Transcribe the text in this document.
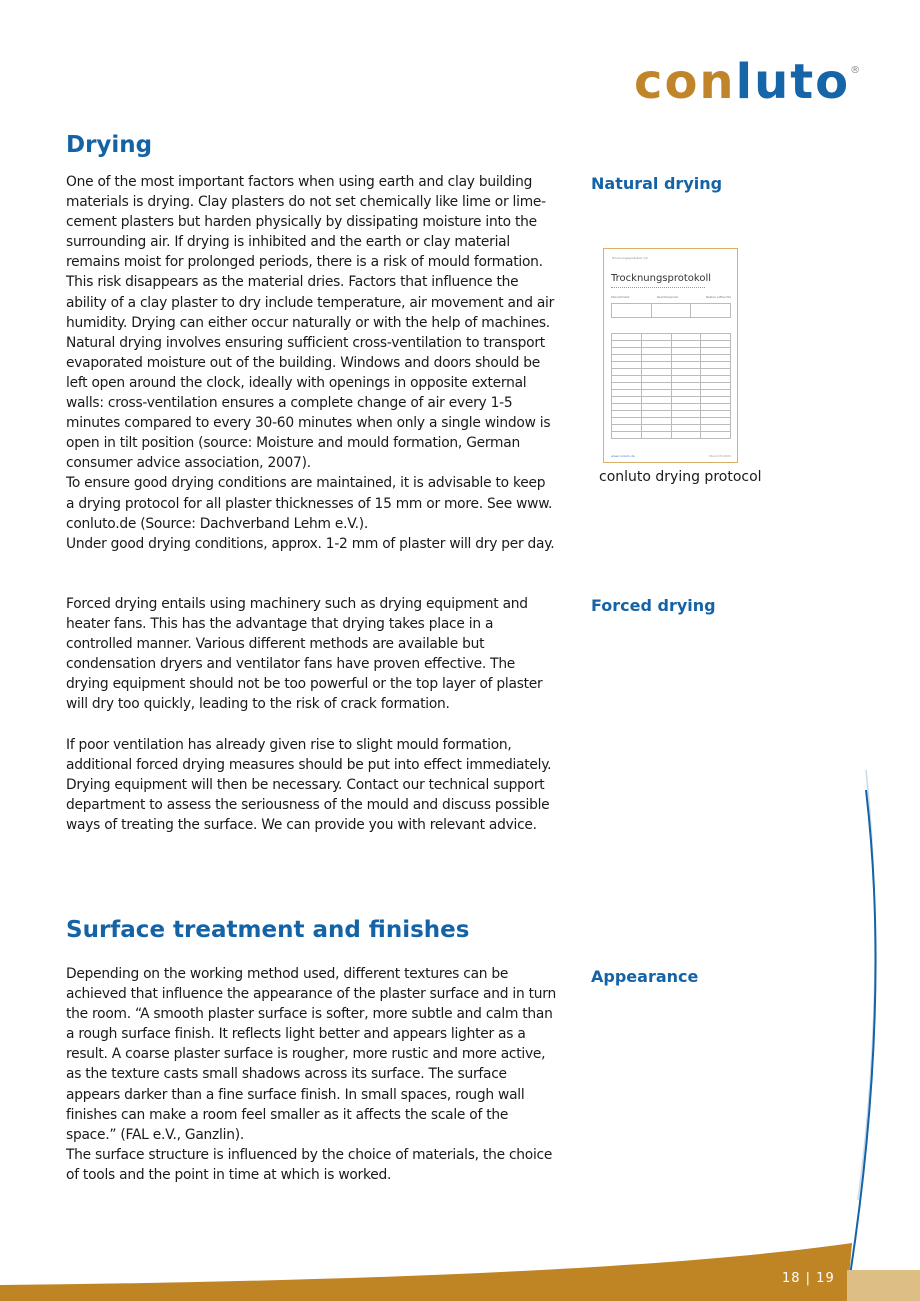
conluto®
Drying
Natural drying
One of the most important factors when using earth and clay building materials is drying. Clay plasters do not set chemically like lime or lime-cement plasters but harden physically by dissipating moisture into the surrounding air. If drying is inhibited and the earth or clay material remains moist for prolonged periods, there is a risk of mould formation. This risk disappears as the material dries. Factors that influence the ability of a clay plaster to dry include temperature, air movement and air humidity. Drying can either occur naturally or with the help of machines. Natural drying involves ensuring sufficient cross-ventilation to transport evaporated moisture out of the building. Windows and doors should be left open around the clock, ideally with openings in opposite external walls: cross-ventilation ensures a complete change of air every 1-5 minutes compared to every 30-60 minutes when only a single window is open in tilt position (source: Moisture and mould formation, German consumer advice association, 2007).
To ensure good drying conditions are maintained, it is advisable to keep a drying protocol for all plaster thicknesses of 15 mm or more. See www. conluto.de (Source: Dachverband Lehm e.V.).
Under good drying conditions, approx. 1-2 mm of plaster will dry per day.
Trocknungsprotokoll 1/2
Trocknungsprotokoll
Datum/Uhrzeit	Raumtemperatur	Relative Luftfeuchte

www.conluto.de	Stand 03.2009
conluto drying protocol
Forced drying
Forced drying entails using machinery such as drying equipment and heater fans. This has the advantage that drying takes place in a controlled manner. Various different methods are available but condensation dryers and ventilator fans have proven effective. The drying equipment should not be too powerful or the top layer of plaster will dry too quickly, leading to the risk of crack formation.
If poor ventilation has already given rise to slight mould formation, additional forced drying measures should be put into effect immediately. Drying equipment will then be necessary. Contact our technical support department to assess the seriousness of the mould and discuss possible ways of treating the surface. We can provide you with relevant advice.
Surface treatment and finishes
Appearance
Depending on the working method used, different textures can be achieved that influence the appearance of the plaster surface and in turn the room. “A smooth plaster surface is softer, more subtle and calm than a rough surface finish. It reflects light better and appears lighter as a result. A coarse plaster surface is rougher, more rustic and more active, as the texture casts small shadows across its surface. The surface appears darker than a fine surface finish. In small spaces, rough wall finishes can make a room feel smaller as it affects the scale of the space.” (FAL e.V., Ganzlin).
The surface structure is influenced by the choice of materials, the choice of tools and the point in time at which is worked.
18 | 19
